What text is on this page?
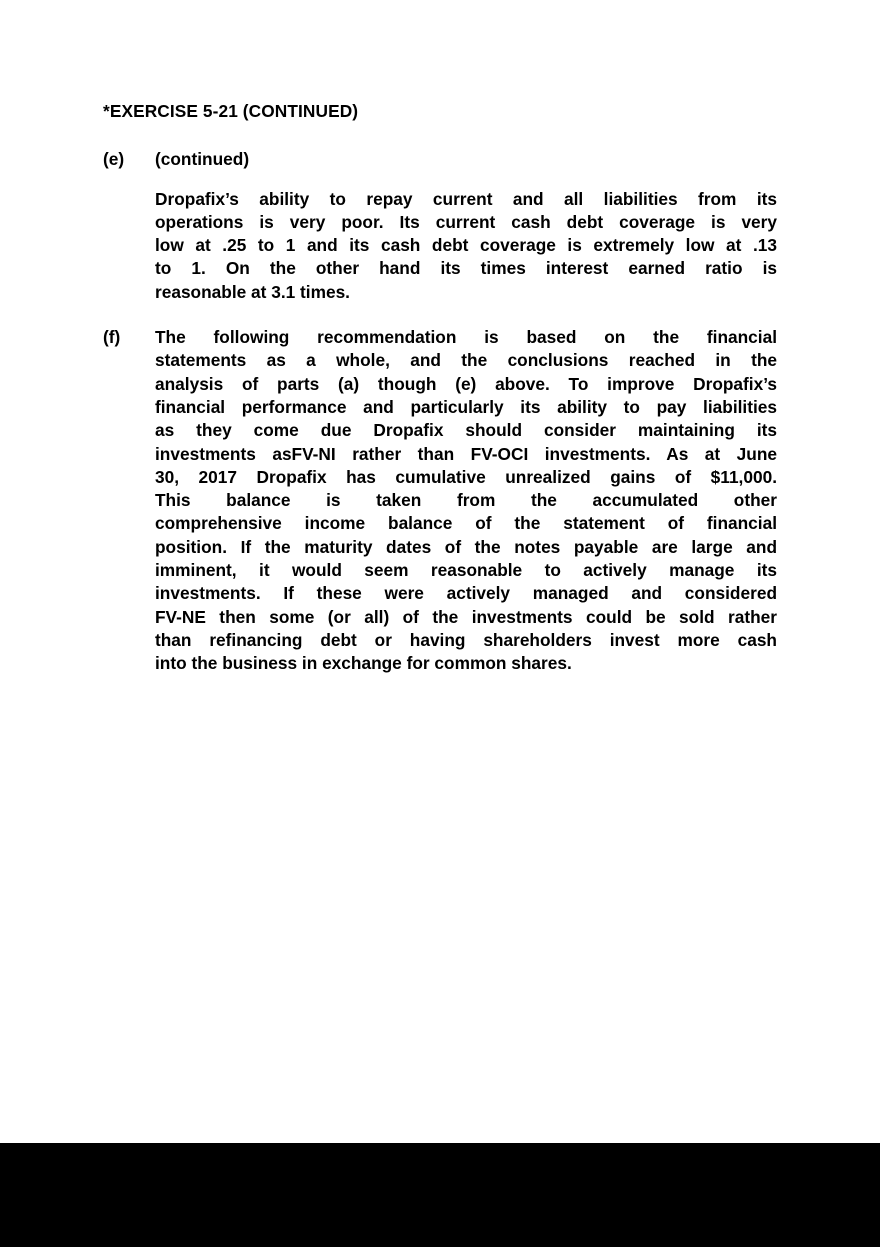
*EXERCISE 5-21 (CONTINUED)
(e)	(continued)
Dropafix’s ability to repay current and all liabilities from its
operations is very poor. Its current cash debt coverage is very
low at .25 to 1 and its cash debt coverage is extremely low at .13
to 1. On the other hand its times interest earned ratio is
reasonable at 3.1 times.
(f)	The following recommendation is based on the financial
statements as a whole, and the conclusions reached in the
analysis of parts (a) though (e) above. To improve Dropafix’s
financial performance and particularly its ability to pay liabilities
as they come due Dropafix should consider maintaining its
investments asFV-NI rather than FV-OCI investments. As at June
30, 2017 Dropafix has cumulative unrealized gains of $11,000.
This balance is taken from the accumulated other
comprehensive income balance of the statement of financial
position. If the maturity dates of the notes payable are large and
imminent, it would seem reasonable to actively manage its
investments. If these were actively managed and considered
FV-NE then some (or all) of the investments could be sold rather
than refinancing debt or having shareholders invest more cash
into the business in exchange for common shares.
